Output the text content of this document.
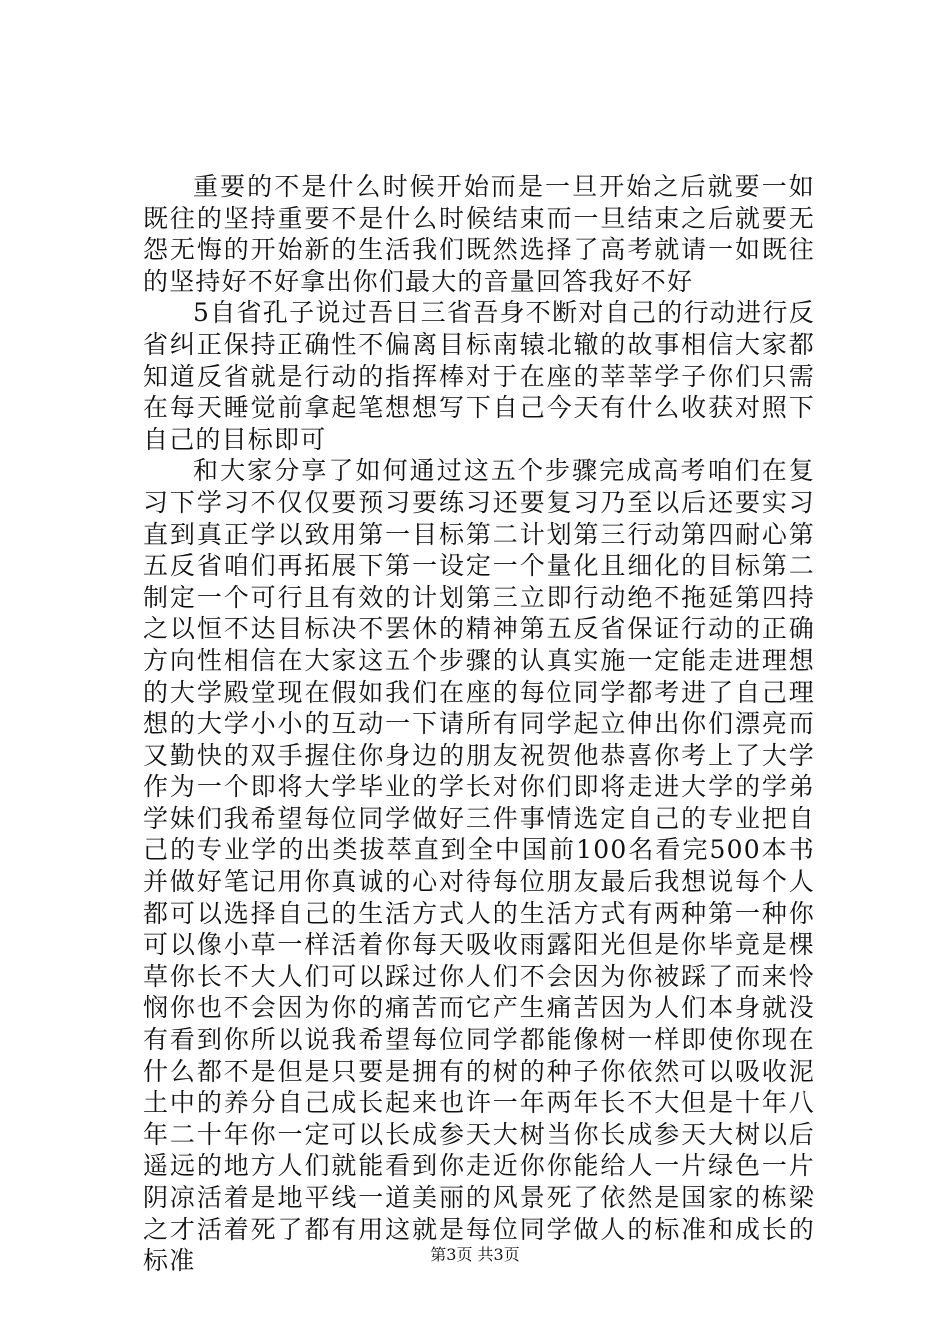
重要的不是什么时候开始而是一旦开始之后就要一如既往的坚持重要不是什么时候结束而一旦结束之后就要无怨无悔的开始新的生活我们既然选择了高考就请一如既往的坚持好不好拿出你们最大的音量回答我好不好

5自省孔子说过吾日三省吾身不断对自己的行动进行反省纠正保持正确性不偏离目标南辕北辙的故事相信大家都知道反省就是行动的指挥棒对于在座的莘莘学子你们只需在每天睡觉前拿起笔想想写下自己今天有什么收获对照下自己的目标即可

和大家分享了如何通过这五个步骤完成高考咱们在复习下学习不仅仅要预习要练习还要复习乃至以后还要实习直到真正学以致用第一目标第二计划第三行动第四耐心第五反省咱们再拓展下第一设定一个量化且细化的目标第二制定一个可行且有效的计划第三立即行动绝不拖延第四持之以恒不达目标决不罢休的精神第五反省保证行动的正确方向性相信在大家这五个步骤的认真实施一定能走进理想的大学殿堂现在假如我们在座的每位同学都考进了自己理想的大学小小的互动一下请所有同学起立伸出你们漂亮而又勤快的双手握住你身边的朋友祝贺他恭喜你考上了大学作为一个即将大学毕业的学长对你们即将走进大学的学弟学妹们我希望每位同学做好三件事情选定自己的专业把自己的专业学的出类拔萃直到全中国前100名看完500本书并做好笔记用你真诚的心对待每位朋友最后我想说每个人都可以选择自己的生活方式人的生活方式有两种第一种你可以像小草一样活着你每天吸收雨露阳光但是你毕竟是棵草你长不大人们可以踩过你人们不会因为你被踩了而来怜悯你也不会因为你的痛苦而它产生痛苦因为人们本身就没有看到你所以说我希望每位同学都能像树一样即使你现在什么都不是但是只要是拥有的树的种子你依然可以吸收泥土中的养分自己成长起来也许一年两年长不大但是十年八年二十年你一定可以长成参天大树当你长成参天大树以后遥远的地方人们就能看到你走近你你能给人一片绿色一片阴凉活着是地平线一道美丽的风景死了依然是国家的栋梁之才活着死了都有用这就是每位同学做人的标准和成长的标准	第3页 共3页
